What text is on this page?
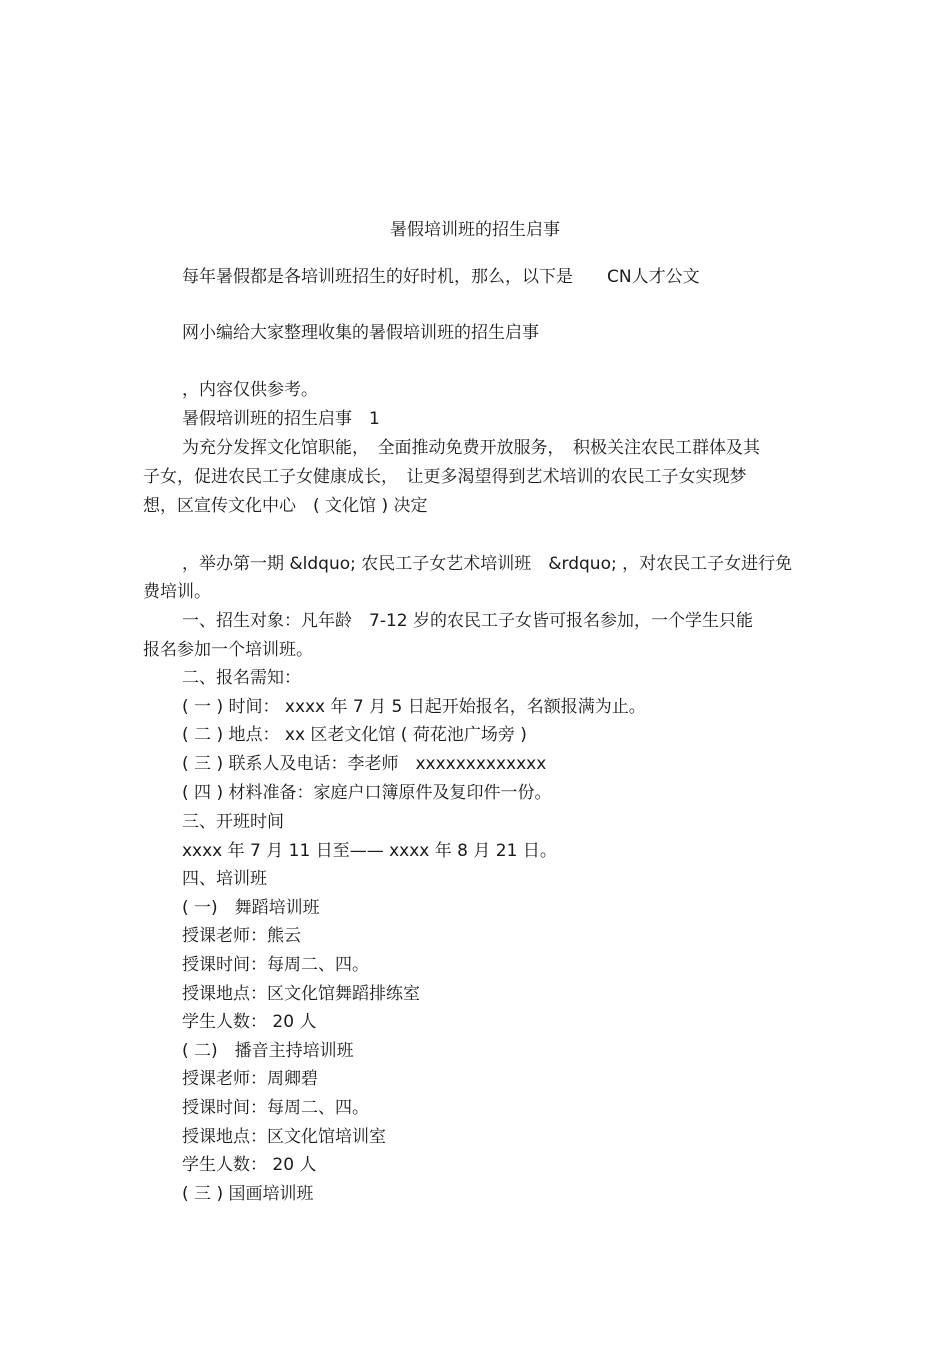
暑假培训班的招生启事
每年暑假都是各培训班招生的好时机，那么，以下是　　CN人才公文
网小编给大家整理收集的暑假培训班的招生启事
，内容仅供参考。
暑假培训班的招生启事　1
为充分发挥文化馆职能，　全面推动免费开放服务，　积极关注农民工群体及其
子女，促进农民工子女健康成长，　让更多渴望得到艺术培训的农民工子女实现梦
想，区宣传文化中心　( 文化馆 ) 决定
，举办第一期 &ldquo; 农民工子女艺术培训班　&rdquo; ，对农民工子女进行免
费培训。
一、招生对象：凡年龄　7-12 岁的农民工子女皆可报名参加，一个学生只能
报名参加一个培训班。
二、报名需知：
( 一 ) 时间： xxxx 年 7 月 5 日起开始报名，名额报满为止。
( 二 ) 地点： xx 区老文化馆 ( 荷花池广场旁 )
( 三 ) 联系人及电话：李老师　xxxxxxxxxxxxx
( 四 ) 材料准备：家庭户口簿原件及复印件一份。
三、开班时间
xxxx 年 7 月 11 日至—— xxxx 年 8 月 21 日。
四、培训班
( 一)　舞蹈培训班
授课老师：熊云
授课时间：每周二、四。
授课地点：区文化馆舞蹈排练室
学生人数： 20 人
( 二)　播音主持培训班
授课老师：周卿碧
授课时间：每周二、四。
授课地点：区文化馆培训室
学生人数： 20 人
( 三 ) 国画培训班
